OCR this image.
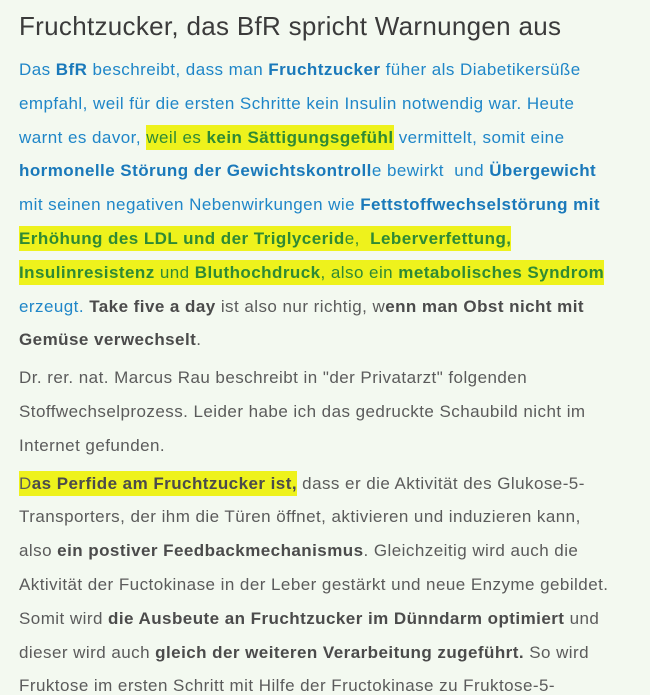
Fruchtzucker, das BfR spricht Warnungen aus
Das BfR beschreibt, dass man Fruchtzucker füher als Diabetikersüße
empfahl, weil für die ersten Schritte kein Insulin notwendig war. Heute
warnt es davor, weil es kein Sättigungsgefühl vermittelt, somit eine
hormonelle Störung der Gewichtskontrolle bewirkt  und Übergewicht
mit seinen negativen Nebenwirkungen wie Fettstoffwechselstörung mit
Erhöhung des LDL und der Triglyceride,  Leberverfettung,
Insulinresistenz und Bluthochdruck, also ein metabolisches Syndrom
erzeugt. Take five a day ist also nur richtig, wenn man Obst nicht mit
Gemüse verwechselt.
Dr. rer. nat. Marcus Rau beschreibt in "der Privatarzt" folgenden
Stoffwechselprozess. Leider habe ich das gedruckte Schaubild nicht im
Internet gefunden.
Das Perfide am Fruchtzucker ist, dass er die Aktivität des Glukose-5-
Transporters, der ihm die Türen öffnet, aktivieren und induzieren kann,
also ein postiver Feedbackmechanismus. Gleichzeitig wird auch die
Aktivität der Fuctokinase in der Leber gestärkt und neue Enzyme gebildet.
Somit wird die Ausbeute an Fruchtzucker im Dünndarm optimiert und
dieser wird auch gleich der weiteren Verarbeitung zugeführt. So wird
Fruktose im ersten Schritt mit Hilfe der Fructokinase zu Fruktose-5-
